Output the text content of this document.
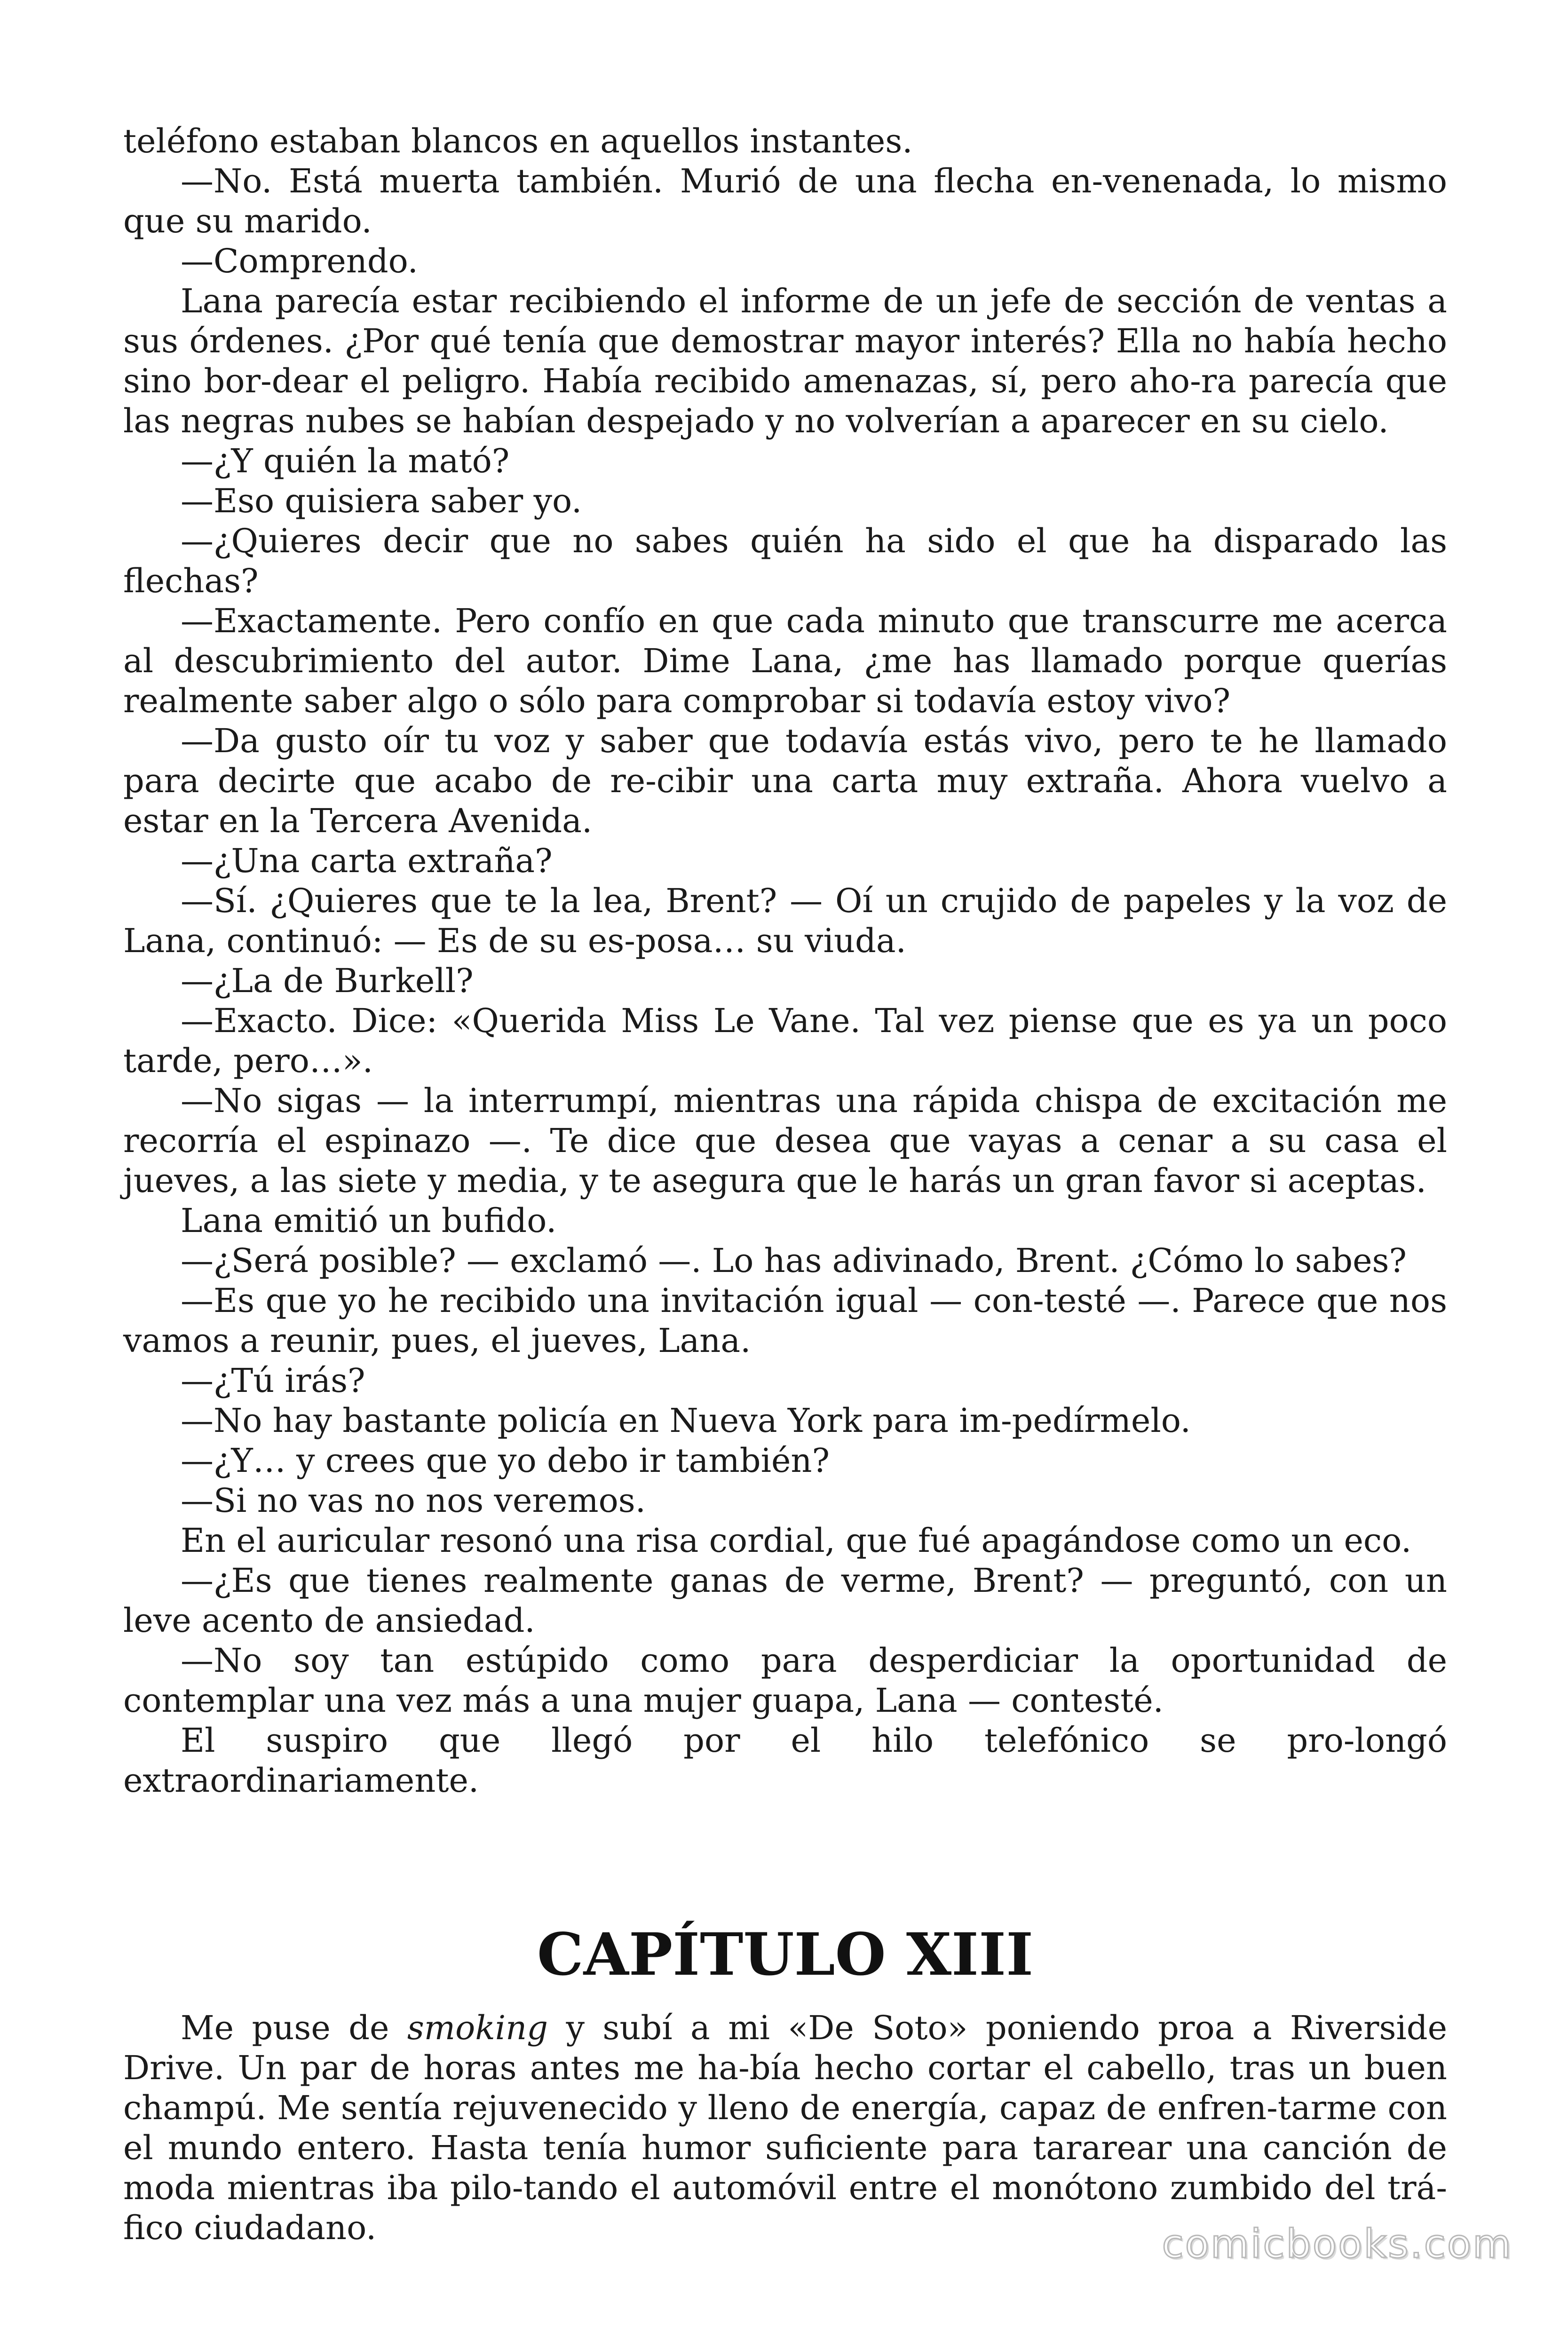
teléfono estaban blancos en aquellos instantes.

—No. Está muerta también. Murió de una flecha en-venenada, lo mismo que su marido.

—Comprendo.

Lana parecía estar recibiendo el informe de un jefe de sección de ventas a sus órdenes. ¿Por qué tenía que demostrar mayor interés? Ella no había hecho sino bor-dear el peligro. Había recibido amenazas, sí, pero aho-ra parecía que las negras nubes se habían despejado y no volverían a aparecer en su cielo.

—¿Y quién la mató?

—Eso quisiera saber yo.

—¿Quieres decir que no sabes quién ha sido el que ha disparado las flechas?

—Exactamente. Pero confío en que cada minuto que transcurre me acerca al descubrimiento del autor. Dime Lana, ¿me has llamado porque querías realmente saber algo o sólo para comprobar si todavía estoy vivo?

—Da gusto oír tu voz y saber que todavía estás vivo, pero te he llamado para decirte que acabo de re-cibir una carta muy extraña. Ahora vuelvo a estar en la Tercera Avenida.

—¿Una carta extraña?

—Sí. ¿Quieres que te la lea, Brent? — Oí un crujido de papeles y la voz de Lana, continuó: — Es de su es-posa… su viuda.

—¿La de Burkell?

—Exacto. Dice: «Querida Miss Le Vane. Tal vez piense que es ya un poco tarde, pero…».

—No sigas — la interrumpí, mientras una rápida chispa de excitación me recorría el espinazo —. Te dice que desea que vayas a cenar a su casa el jueves, a las siete y media, y te asegura que le harás un gran favor si aceptas.

Lana emitió un bufido.

—¿Será posible? — exclamó —. Lo has adivinado, Brent. ¿Cómo lo sabes?

—Es que yo he recibido una invitación igual — con-testé —. Parece que nos vamos a reunir, pues, el jueves, Lana.

—¿Tú irás?

—No hay bastante policía en Nueva York para im-pedírmelo.

—¿Y… y crees que yo debo ir también?

—Si no vas no nos veremos.

En el auricular resonó una risa cordial, que fué apagándose como un eco.

—¿Es que tienes realmente ganas de verme, Brent? — preguntó, con un leve acento de ansiedad.

—No soy tan estúpido como para desperdiciar la oportunidad de contemplar una vez más a una mujer guapa, Lana — contesté.

El suspiro que llegó por el hilo telefónico se pro-longó extraordinariamente.

CAPÍTULO XIII

Me puse de smoking y subí a mi «De Soto» poniendo proa a Riverside Drive. Un par de horas antes me ha-bía hecho cortar el cabello, tras un buen champú. Me sentía rejuvenecido y lleno de energía, capaz de enfren-tarme con el mundo entero. Hasta tenía humor suficiente para tararear una canción de moda mientras iba pilo-tando el automóvil entre el monótono zumbido del trá-fico ciudadano.	comicbooks.com
